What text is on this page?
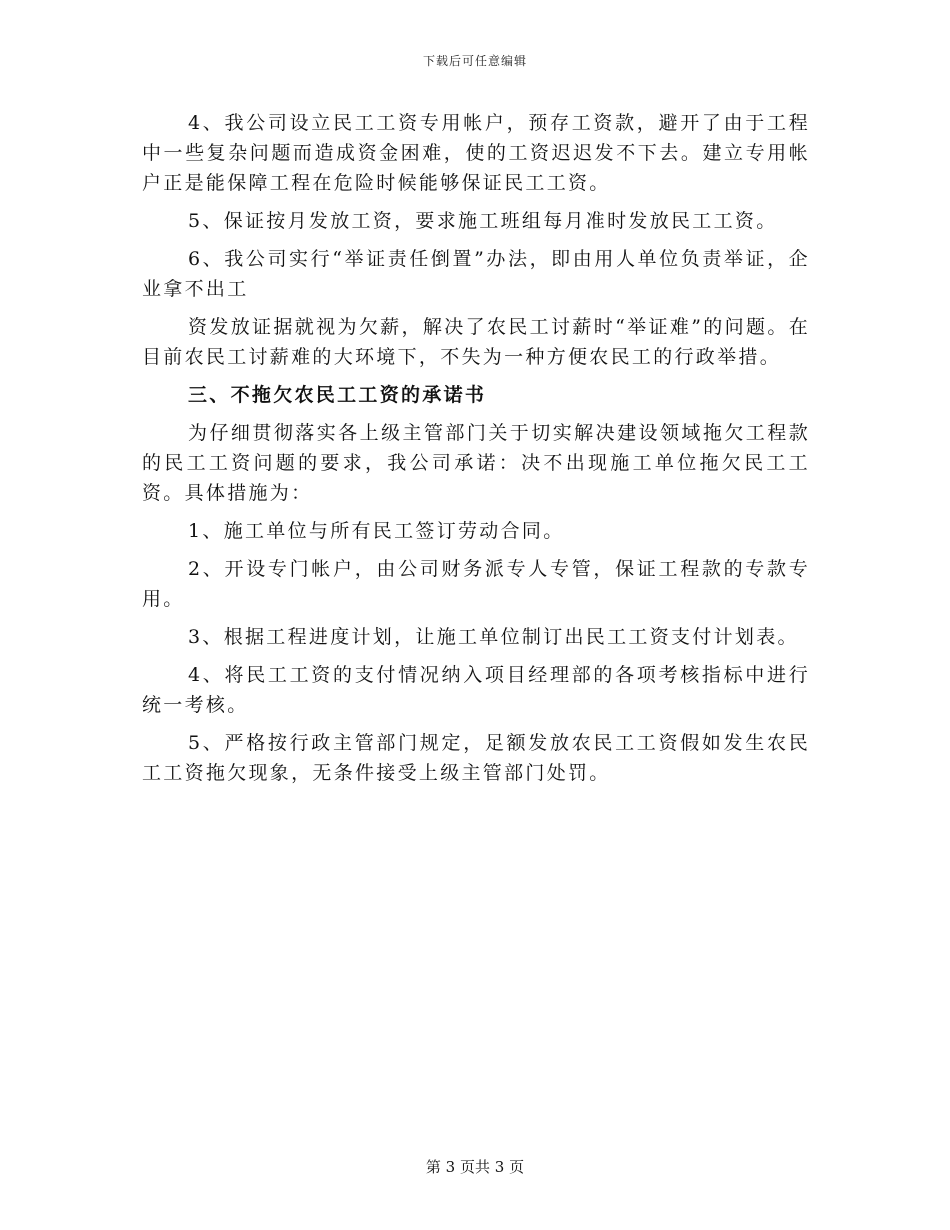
下载后可任意编辑

4、我公司设立民工工资专用帐户，预存工资款，避开了由于工程中一些复杂问题而造成资金困难，使的工资迟迟发不下去。建立专用帐户正是能保障工程在危险时候能够保证民工工资。

5、保证按月发放工资，要求施工班组每月准时发放民工工资。

6、我公司实行“举证责任倒置”办法，即由用人单位负责举证，企业拿不出工

资发放证据就视为欠薪，解决了农民工讨薪时“举证难”的问题。在目前农民工讨薪难的大环境下，不失为一种方便农民工的行政举措。

三、不拖欠农民工工资的承诺书

为仔细贯彻落实各上级主管部门关于切实解决建设领域拖欠工程款的民工工资问题的要求，我公司承诺：决不出现施工单位拖欠民工工资。具体措施为：

1、施工单位与所有民工签订劳动合同。

2、开设专门帐户，由公司财务派专人专管，保证工程款的专款专用。

3、根据工程进度计划，让施工单位制订出民工工资支付计划表。

4、将民工工资的支付情况纳入项目经理部的各项考核指标中进行统一考核。

5、严格按行政主管部门规定，足额发放农民工工资假如发生农民工工资拖欠现象，无条件接受上级主管部门处罚。

第 3 页共 3 页
